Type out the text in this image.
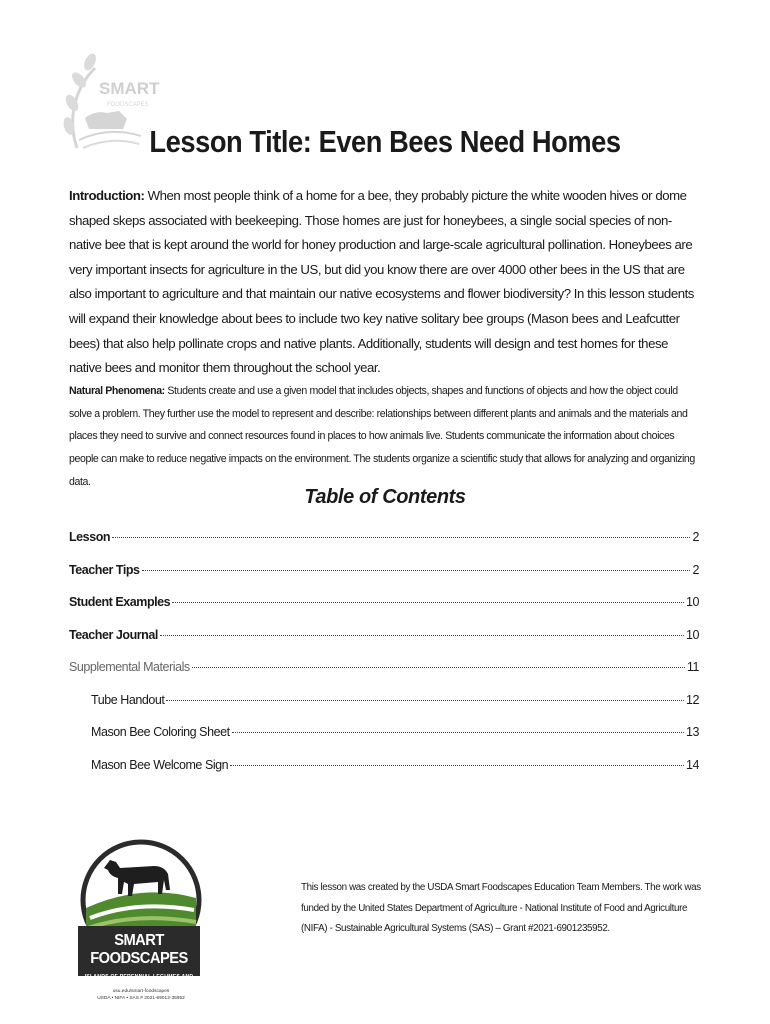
SMART
FOODSCAPES
Lesson Title: Even Bees Need Homes
Introduction: When most people think of a home for a bee, they probably picture the white wooden hives or dome shaped skeps associated with beekeeping. Those homes are just for honeybees, a single social species of non-native bee that is kept around the world for honey production and large-scale agricultural pollination. Honeybees are very important insects for agriculture in the US, but did you know there are over 4000 other bees in the US that are also important to agriculture and that maintain our native ecosystems and flower biodiversity? In this lesson students will expand their knowledge about bees to include two key native solitary bee groups (Mason bees and Leafcutter bees) that also help pollinate crops and native plants. Additionally, students will design and test homes for these native bees and monitor them throughout the school year.
Natural Phenomena: Students create and use a given model that includes objects, shapes and functions of objects and how the object could solve a problem. They further use the model to represent and describe: relationships between different plants and animals and the materials and places they need to survive and connect resources found in places to how animals live. Students communicate the information about choices people can make to reduce negative impacts on the environment. The students organize a scientific study that allows for analyzing and organizing data.
Table of Contents
Lesson	2
Teacher Tips	2
Student Examples	10
Teacher Journal	10
Supplemental Materials	11
Tube Handout	12
Mason Bee Coloring Sheet	13
Mason Bee Welcome Sign	14
SMART FOODSCAPES
ISLANDS OF PERENNIAL LEGUMES AND FORBS
usu.edu/smart-foodscapes
USDA • NIFA • SAS # 2021-69012-35952
This lesson was created by the USDA Smart Foodscapes Education Team Members. The work was funded by the United States Department of Agriculture - National Institute of Food and Agriculture (NIFA) - Sustainable Agricultural Systems (SAS) – Grant #2021-6901235952.
